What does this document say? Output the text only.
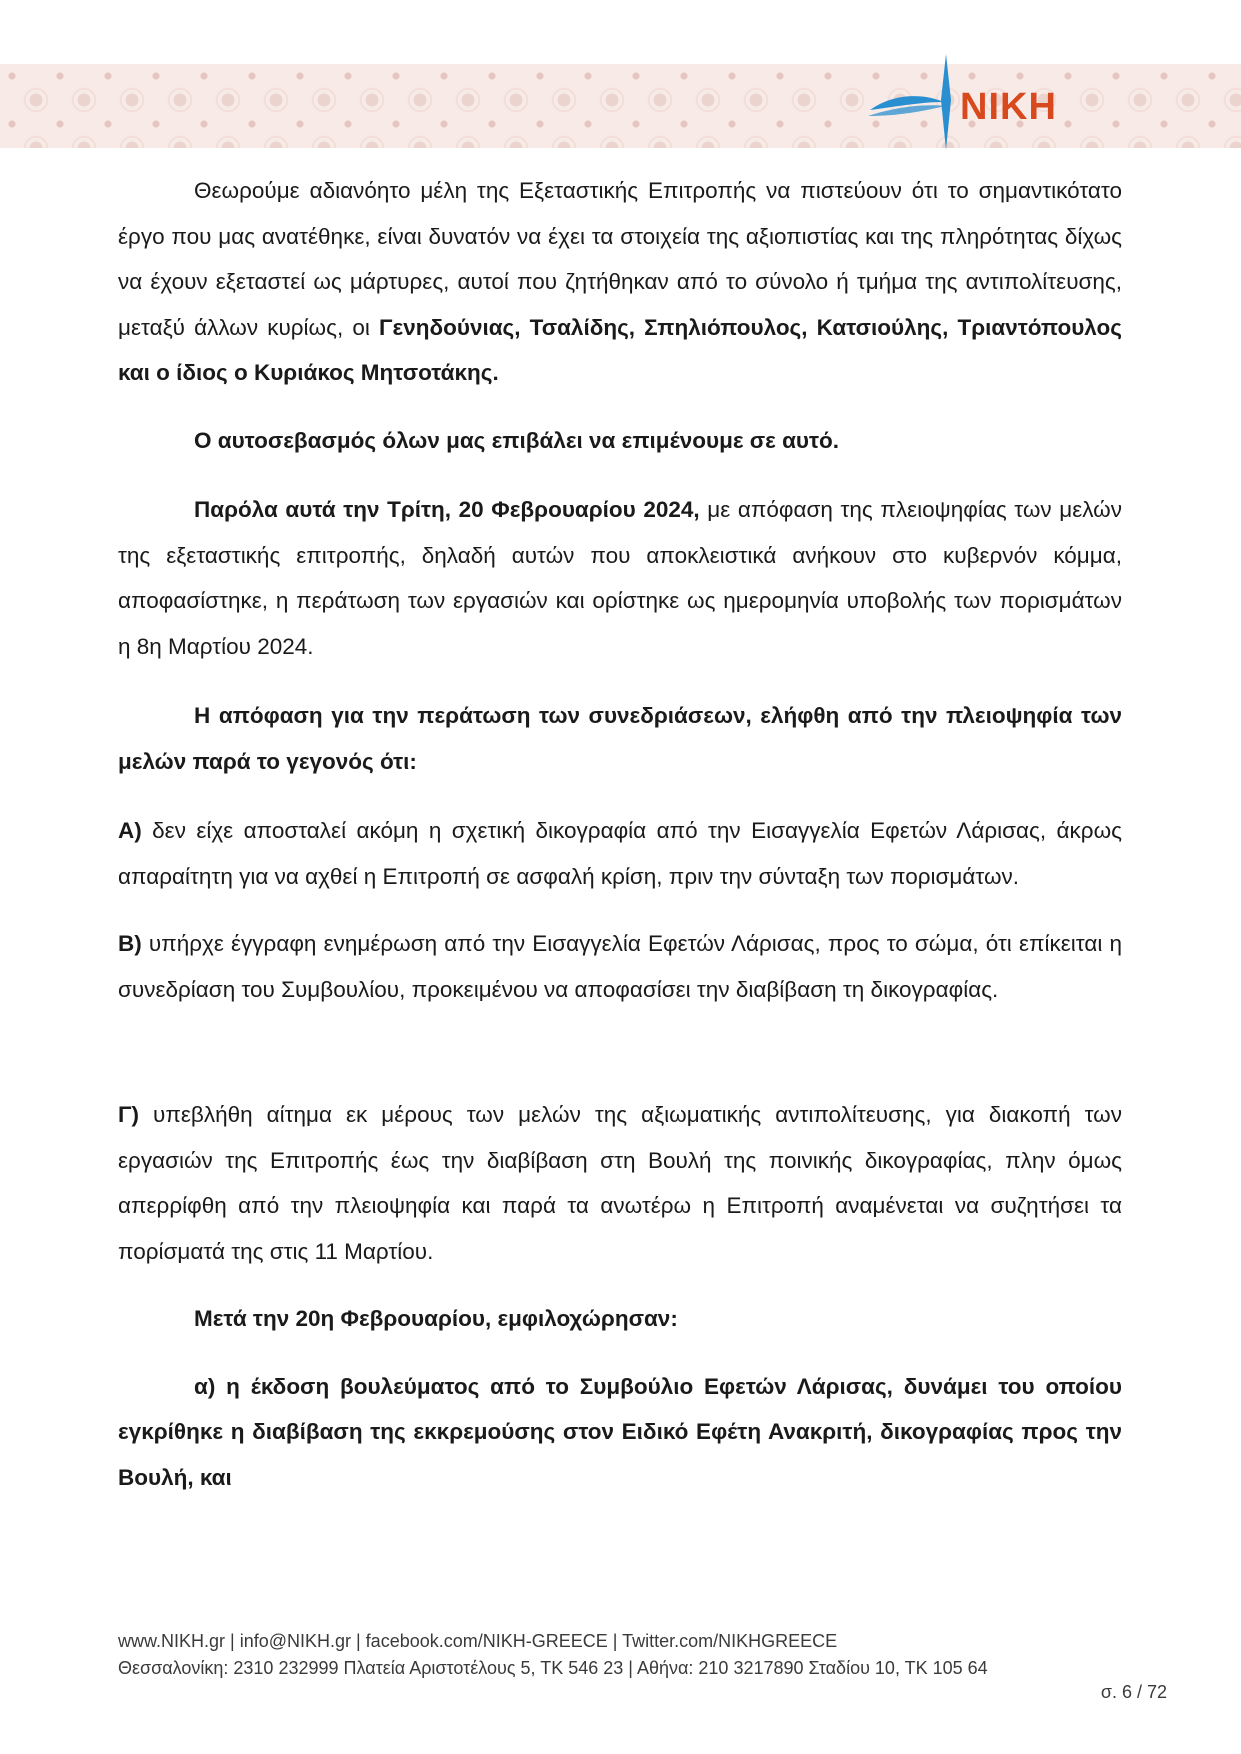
NIKH

Θεωρούμε αδιανόητο μέλη της Εξεταστικής Επιτροπής να πιστεύουν ότι το σημαντικότατο έργο που μας ανατέθηκε, είναι δυνατόν να έχει τα στοιχεία της αξιοπιστίας και της πληρότητας δίχως να έχουν εξεταστεί ως μάρτυρες, αυτοί που ζητήθηκαν από το σύνολο ή τμήμα της αντιπολίτευσης, μεταξύ άλλων κυρίως, οι Γενηδούνιας, Τσαλίδης, Σπηλιόπουλος, Κατσιούλης, Τριαντόπουλος και ο ίδιος ο Κυριάκος Μητσοτάκης.

Ο αυτοσεβασμός όλων μας επιβάλει να επιμένουμε σε αυτό.

Παρόλα αυτά την Τρίτη, 20 Φεβρουαρίου 2024, με απόφαση της πλειοψηφίας των μελών της εξεταστικής επιτροπής, δηλαδή αυτών που αποκλειστικά ανήκουν στο κυβερνόν κόμμα, αποφασίστηκε, η περάτωση των εργασιών και ορίστηκε ως ημερομηνία υποβολής των πορισμάτων η 8η Μαρτίου 2024.

Η απόφαση για την περάτωση των συνεδριάσεων, ελήφθη από την πλειοψηφία των μελών παρά το γεγονός ότι:

Α) δεν είχε αποσταλεί ακόμη η σχετική δικογραφία από την Εισαγγελία Εφετών Λάρισας, άκρως απαραίτητη για να αχθεί η Επιτροπή σε ασφαλή κρίση, πριν την σύνταξη των πορισμάτων.

Β) υπήρχε έγγραφη ενημέρωση από την Εισαγγελία Εφετών Λάρισας, προς το σώμα, ότι επίκειται η συνεδρίαση του Συμβουλίου, προκειμένου να αποφασίσει την διαβίβαση τη δικογραφίας.

Γ) υπεβλήθη αίτημα εκ μέρους των μελών της αξιωματικής αντιπολίτευσης, για διακοπή των εργασιών της Επιτροπής έως την διαβίβαση στη Βουλή της ποινικής δικογραφίας, πλην όμως απερρίφθη από την πλειοψηφία και παρά τα ανωτέρω η Επιτροπή αναμένεται να συζητήσει τα πορίσματά της στις 11 Μαρτίου.

Μετά την 20η Φεβρουαρίου, εμφιλοχώρησαν:

α) η έκδοση βουλεύματος από το Συμβούλιο Εφετών Λάρισας, δυνάμει του οποίου εγκρίθηκε η διαβίβαση της εκκρεμούσης στον Ειδικό Εφέτη Ανακριτή, δικογραφίας προς την Βουλή, και

www.NIKH.gr | info@NIKH.gr | facebook.com/NIKH-GREECE | Twitter.com/NIKHGREECE
Θεσσαλονίκη: 2310 232999 Πλατεία Αριστοτέλους 5, ΤΚ 546 23 | Αθήνα: 210 3217890 Σταδίου 10, ΤΚ 105 64
σ. 6 / 72
